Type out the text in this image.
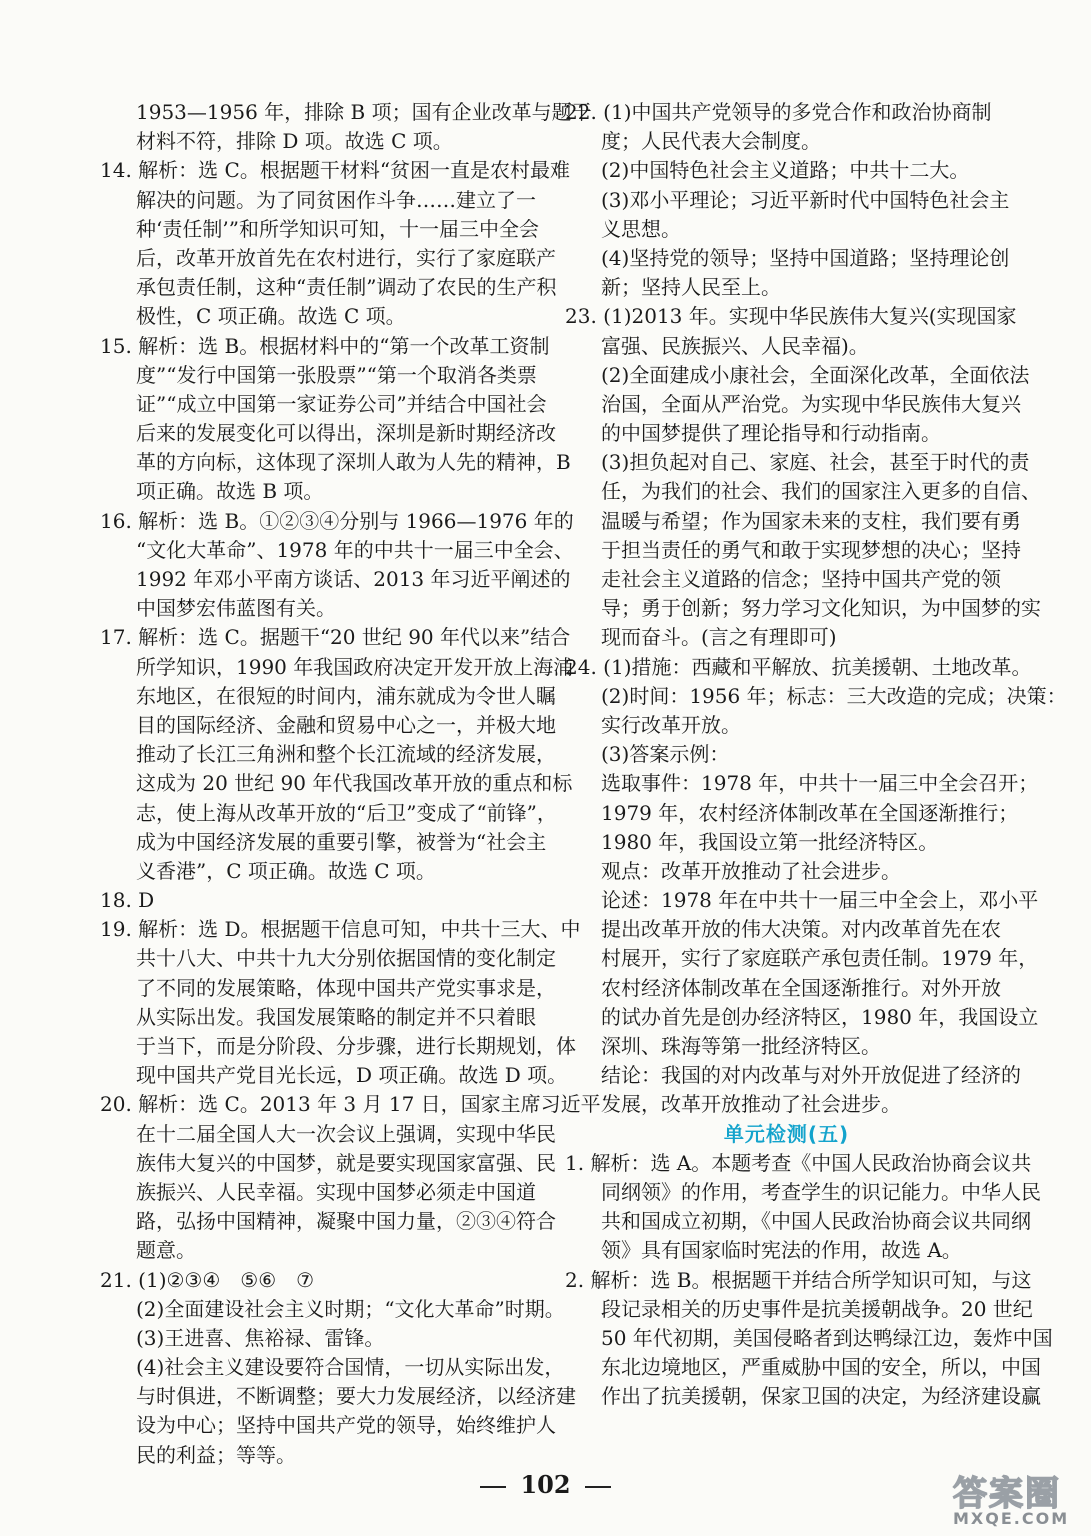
1953—1956 年，排除 B 项；国有企业改革与题干
材料不符，排除 D 项。故选 C 项。
14. 解析：选 C。根据题干材料“贫困一直是农村最难
解决的问题。为了同贫困作斗争……建立了一
种‘责任制’”和所学知识可知，十一届三中全会
后，改革开放首先在农村进行，实行了家庭联产
承包责任制，这种“责任制”调动了农民的生产积
极性，C 项正确。故选 C 项。
15. 解析：选 B。根据材料中的“第一个改革工资制
度”“发行中国第一张股票”“第一个取消各类票
证”“成立中国第一家证券公司”并结合中国社会
后来的发展变化可以得出，深圳是新时期经济改
革的方向标，这体现了深圳人敢为人先的精神，B
项正确。故选 B 项。
16. 解析：选 B。①②③④分别与 1966—1976 年的
“文化大革命”、1978 年的中共十一届三中全会、
1992 年邓小平南方谈话、2013 年习近平阐述的
中国梦宏伟蓝图有关。
17. 解析：选 C。据题干“20 世纪 90 年代以来”结合
所学知识，1990 年我国政府决定开发开放上海浦
东地区，在很短的时间内，浦东就成为令世人瞩
目的国际经济、金融和贸易中心之一，并极大地
推动了长江三角洲和整个长江流域的经济发展，
这成为 20 世纪 90 年代我国改革开放的重点和标
志，使上海从改革开放的“后卫”变成了“前锋”，
成为中国经济发展的重要引擎，被誉为“社会主
义香港”，C 项正确。故选 C 项。
18. D
19. 解析：选 D。根据题干信息可知，中共十三大、中
共十八大、中共十九大分别依据国情的变化制定
了不同的发展策略，体现中国共产党实事求是，
从实际出发。我国发展策略的制定并不只着眼
于当下，而是分阶段、分步骤，进行长期规划，体
现中国共产党目光长远，D 项正确。故选 D 项。
20. 解析：选 C。2013 年 3 月 17 日，国家主席习近平
在十二届全国人大一次会议上强调，实现中华民
族伟大复兴的中国梦，就是要实现国家富强、民
族振兴、人民幸福。实现中国梦必须走中国道
路，弘扬中国精神，凝聚中国力量，②③④符合
题意。
21. (1)②③④　⑤⑥　⑦
(2)全面建设社会主义时期；“文化大革命”时期。
(3)王进喜、焦裕禄、雷锋。
(4)社会主义建设要符合国情，一切从实际出发，
与时俱进，不断调整；要大力发展经济，以经济建
设为中心；坚持中国共产党的领导，始终维护人
民的利益；等等。
22. (1)中国共产党领导的多党合作和政治协商制
度；人民代表大会制度。
(2)中国特色社会主义道路；中共十二大。
(3)邓小平理论；习近平新时代中国特色社会主
义思想。
(4)坚持党的领导；坚持中国道路；坚持理论创
新；坚持人民至上。
23. (1)2013 年。实现中华民族伟大复兴(实现国家
富强、民族振兴、人民幸福)。
(2)全面建成小康社会，全面深化改革，全面依法
治国，全面从严治党。为实现中华民族伟大复兴
的中国梦提供了理论指导和行动指南。
(3)担负起对自己、家庭、社会，甚至于时代的责
任，为我们的社会、我们的国家注入更多的自信、
温暖与希望；作为国家未来的支柱，我们要有勇
于担当责任的勇气和敢于实现梦想的决心；坚持
走社会主义道路的信念；坚持中国共产党的领
导；勇于创新；努力学习文化知识，为中国梦的实
现而奋斗。(言之有理即可)
24. (1)措施：西藏和平解放、抗美援朝、土地改革。
(2)时间：1956 年；标志：三大改造的完成；决策：
实行改革开放。
(3)答案示例：
选取事件：1978 年，中共十一届三中全会召开；
1979 年，农村经济体制改革在全国逐渐推行；
1980 年，我国设立第一批经济特区。
观点：改革开放推动了社会进步。
论述：1978 年在中共十一届三中全会上，邓小平
提出改革开放的伟大决策。对内改革首先在农
村展开，实行了家庭联产承包责任制。1979 年，
农村经济体制改革在全国逐渐推行。对外开放
的试办首先是创办经济特区，1980 年，我国设立
深圳、珠海等第一批经济特区。
结论：我国的对内改革与对外开放促进了经济的
发展，改革开放推动了社会进步。
单元检测(五)
1. 解析：选 A。本题考查《中国人民政治协商会议共
同纲领》的作用，考查学生的识记能力。中华人民
共和国成立初期，《中国人民政治协商会议共同纲
领》具有国家临时宪法的作用，故选 A。
2. 解析：选 B。根据题干并结合所学知识可知，与这
段记录相关的历史事件是抗美援朝战争。20 世纪
50 年代初期，美国侵略者到达鸭绿江边，轰炸中国
东北边境地区，严重威胁中国的安全，所以，中国
作出了抗美援朝，保家卫国的决定，为经济建设赢
102	答案圈
MXQE.COM
